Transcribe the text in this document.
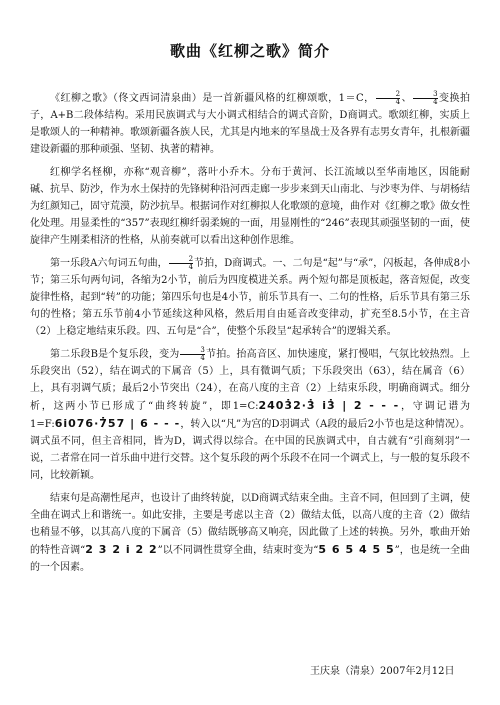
歌曲《红柳之歌》简介

《红柳之歌》（佟文西词清泉曲）是一首新疆风格的红柳颂歌，1＝C， $\frac{2}{4}$ 、 $\frac{3}{4}$ 变换拍子，A+B二段体结构。采用民族调式与大小调式相结合的调式音阶，D商调式。歌颂红柳，实质上是歌颂人的一种精神。歌颂新疆各族人民，尤其是内地来的军垦战士及各界有志男女青年，扎根新疆建设新疆的那种顽强、坚韧、执著的精神。

红柳学名柽柳，亦称“观音柳”，落叶小乔木。分布于黄河、长江流域以至华南地区，因能耐碱、抗旱、防沙，作为水土保持的先锋树种沿河西走廊一步步来到天山南北、与沙枣为伴、与胡杨结为红颜知己，固守荒漠，防沙抗旱。根据词作对红柳拟人化歌颂的意境，曲作对《红柳之歌》做女性化处理。用显柔性的“357”表现红柳纤弱柔婉的一面，用显刚性的“246”表现其顽强坚韧的一面，使旋律产生刚柔相济的性格，从前奏就可以看出这种创作思维。

第一乐段A六句词五句曲， $\frac{2}{4}$ 节拍，D商调式。一、二句是“起”与“承”，闪板起，各伸成8小节；第三乐句两句词，各缩为2小节，前后为四度模进关系。两个短句都是顶板起，落音短促，改变旋律性格，起到“转”的功能；第四乐句也是4小节，前乐节具有一、二句的性格，后乐节具有第三乐句的性格；第五乐节前4小节延续这种风格，然后用自由延音改变律动，扩充至8.5小节，在主音（2）上稳定地结束乐段。四、五句是“合”，使整个乐段呈“起承转合”的逻辑关系。

第二乐段B是个复乐段，变为 $\frac{3}{4}$ 节拍。抬高音区、加快速度，紧打慢唱，气氛比较热烈。上乐段突出（52），结在调式的下属音（5）上，具有微调气质；下乐段突出（63），结在属音（6）上，具有羽调气质；最后2小节突出（24），在高八度的主音（2）上结束乐段，明确商调式。细分析，这两小节已形成了“曲终转旋”，即1=C:2403̇2·3̇ i3̇ | 2 - - -，守调记谱为1=F:6i076·7̇57 | 6 - - -，转入以“凡”为宫的D羽调式（A段的最后2小节也是这种情况）。调式虽不同，但主音相同，皆为D，调式得以综合。在中国的民族调式中，自古就有“引商刻羽”一说，二者常在同一首乐曲中进行交替。这个复乐段的两个乐段不在同一个调式上，与一般的复乐段不同，比较新颖。

结束句是高潮性尾声，也设计了曲终转旋，以D商调式结束全曲。主音不同，但回到了主调，使全曲在调式上和谐统一。如此安排，主要是考虑以主音（2）做结太低，以高八度的主音（2）做结也稍显不够，以其高八度的下属音（5）做结既够高又响亮，因此做了上述的转换。另外，歌曲开始的特性音调“2 3 2 i 2 2”以不同调性贯穿全曲，结束时变为“5 6 5 4 5 5”，也是统一全曲的一个因素。

王庆泉（清泉）2007年2月12日
